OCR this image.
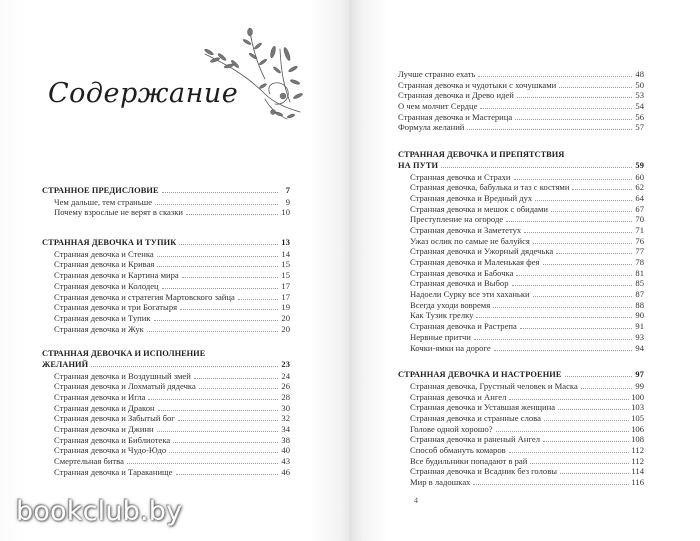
Содержание
СТРАННОЕ ПРЕДИСЛОВИЕ	7
Чем дальше, тем страньше	9
Почему взрослые не верят в сказки	10
СТРАННАЯ ДЕВОЧКА И ТУПИК	13
Странная девочка и Стенка	14
Странная девочка и Кривая	15
Странная девочка и Картина мира	15
Странная девочка и Колодец	17
Странная девочка и стратегия Мартовского зайца	17
Странная девочка и три Богатыря	19
Странная девочка и Тупик	20
Странная девочка и Жук	20
СТРАННАЯ ДЕВОЧКА И ИСПОЛНЕНИЕ
ЖЕЛАНИЙ	23
Странная девочка и Воздушный змей	24
Странная девочка и Лохматый дядечка	26
Странная девочка и Игла	28
Странная девочка и Дракон	30
Странная девочка и Забытый бог	32
Странная девочка и Джинн	34
Странная девочка и Библиотека	38
Странная девочка и Чудо-Юдо	40
Смертельная битва	43
Странная девочка и Тараканище	46
bookclub.by
Лучше странно ехать	48
Странная девочка и чудотыки с хочушками	50
Странная девочка и Древо идей	53
О чем молчит Сердце	54
Странная девочка и Мастерица	56
Формула желаний	57
СТРАННАЯ ДЕВОЧКА И ПРЕПЯТСТВИЯ
НА ПУТИ	59
Странная девочка и Страхи	60
Странная девочка, бабулька и таз с костями	62
Странная девочка и Вредный дух	64
Странная девочка и мешок с обидами	67
Преступление на огороде	70
Странная девочка и Замететух	71
Ужаз ослик по самые не балуйся	76
Странная девочка и Ужорный дядечька	77
Странная девочка и Маленькая фея	78
Странная девочка и Бабочка	81
Странная девочка и Выбор	85
Надоели Сурку все эти хаханьки	87
Всегда уходи вовремя	88
Как Тузик грелку	90
Странная девочка и Растрепа	91
Нервные притчи	93
Кочки-ямки на дороге	94
СТРАННАЯ ДЕВОЧКА И НАСТРОЕНИЕ	97
Странная девочка, Грустный человек и Маска	99
Странная девочка и Ангел	100
Странная девочка и Уставшая женщина	103
Странная девочка и странные слова	105
Голове одной хорошо?	106
Странная девочка и раненый Ангел	108
Способ обмануть комаров	112
Все будильники попадают в рай	112
Странная девочка и Всадник без головы	114
Мир в ладошках	116
4
